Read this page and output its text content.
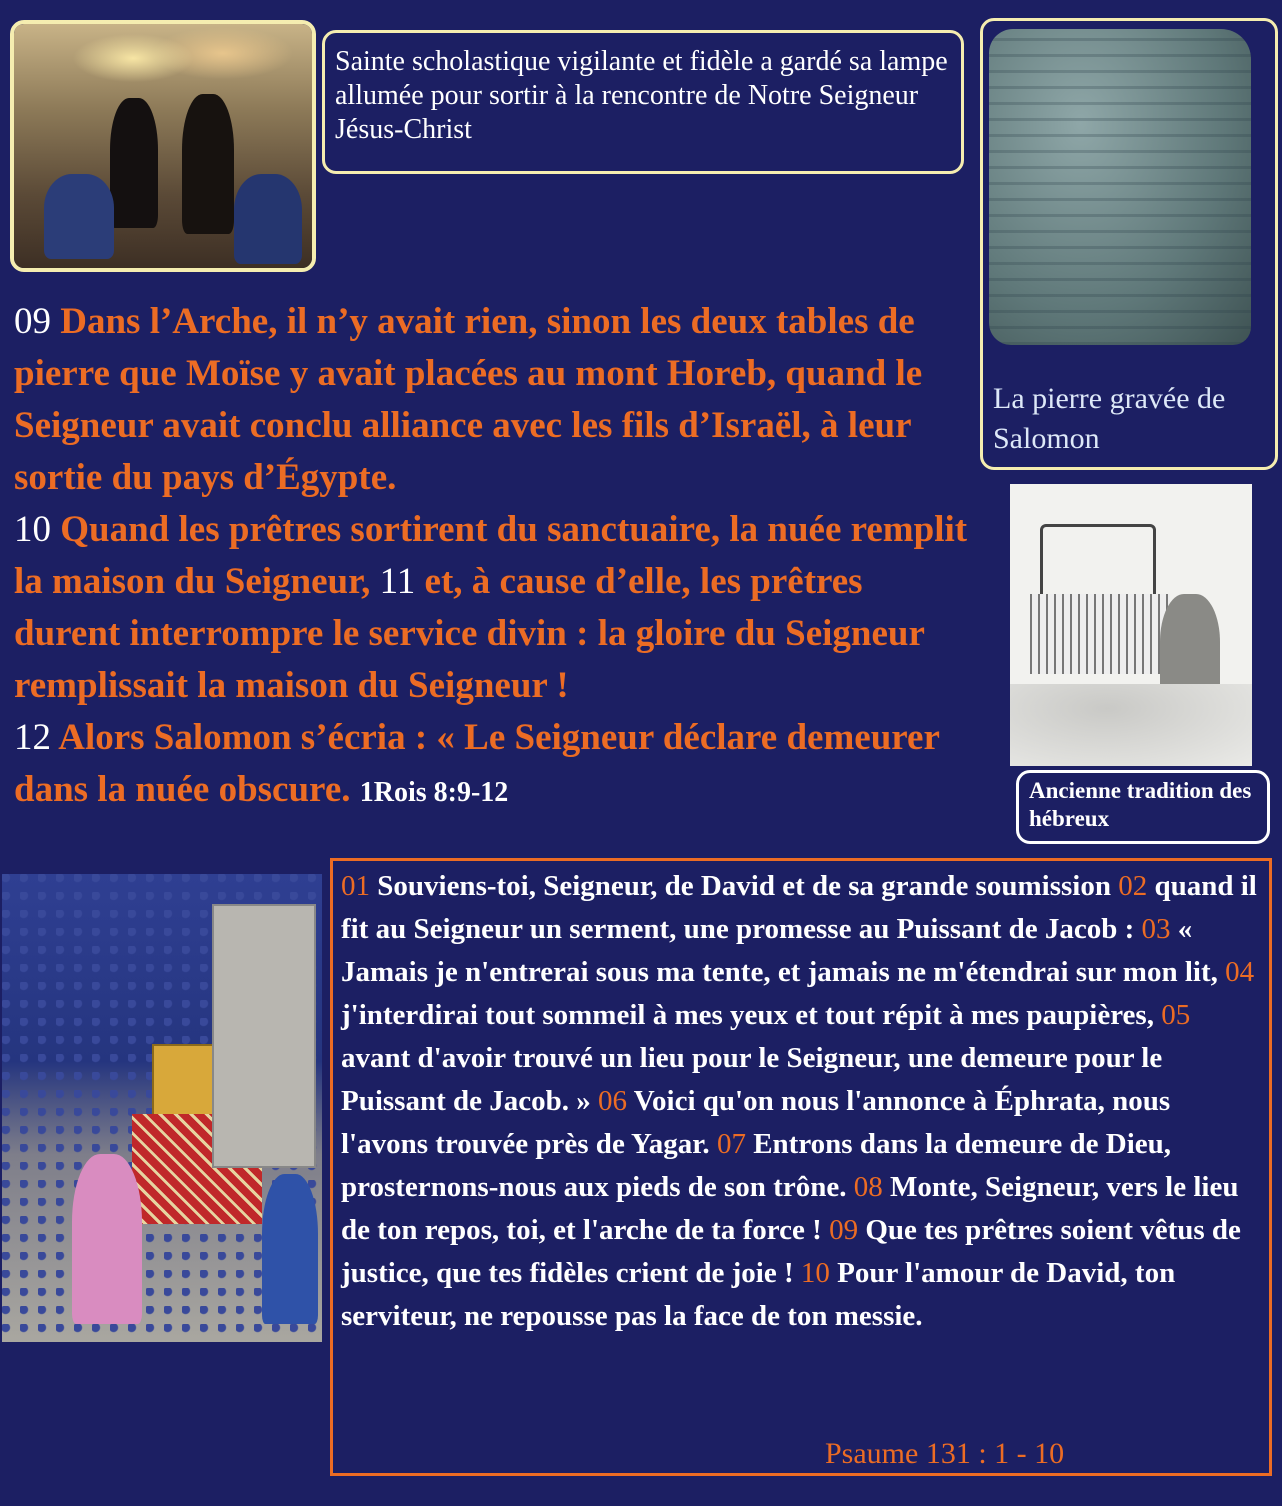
Sainte scholastique vigilante et fidèle a gardé sa lampe allumée pour sortir à la rencontre de Notre Seigneur Jésus-Christ
La pierre gravée de Salomon
Ancienne tradition des hébreux
09 Dans l’Arche, il n’y avait rien, sinon les deux tables de pierre que Moïse y avait placées au mont Horeb, quand le Seigneur avait conclu alliance avec les fils d’Israël, à leur sortie du pays d’Égypte.
10 Quand les prêtres sortirent du sanctuaire, la nuée remplit la maison du Seigneur, 11 et, à cause d’elle, les prêtres durent interrompre le service divin : la gloire du Seigneur remplissait la maison du Seigneur !
12 Alors Salomon s’écria : « Le Seigneur déclare demeurer dans la nuée obscure. 1Rois 8:9-12
01 Souviens-toi, Seigneur, de David et de sa grande soumission 02 quand il fit au Seigneur un serment, une promesse au Puissant de Jacob : 03 « Jamais je n'entrerai sous ma tente, et jamais ne m'étendrai sur mon lit, 04 j'interdirai tout sommeil à mes yeux et tout répit à mes paupières, 05 avant d'avoir trouvé un lieu pour le Seigneur, une demeure pour le Puissant de Jacob. » 06 Voici qu'on nous l'annonce à Éphrata, nous l'avons trouvée près de Yagar. 07 Entrons dans la demeure de Dieu, prosternons-nous aux pieds de son trône. 08 Monte, Seigneur, vers le lieu de ton repos, toi, et l'arche de ta force ! 09 Que tes prêtres soient vêtus de justice, que tes fidèles crient de joie ! 10 Pour l'amour de David, ton serviteur, ne repousse pas la face de ton messie.
Psaume 131 : 1 - 10
